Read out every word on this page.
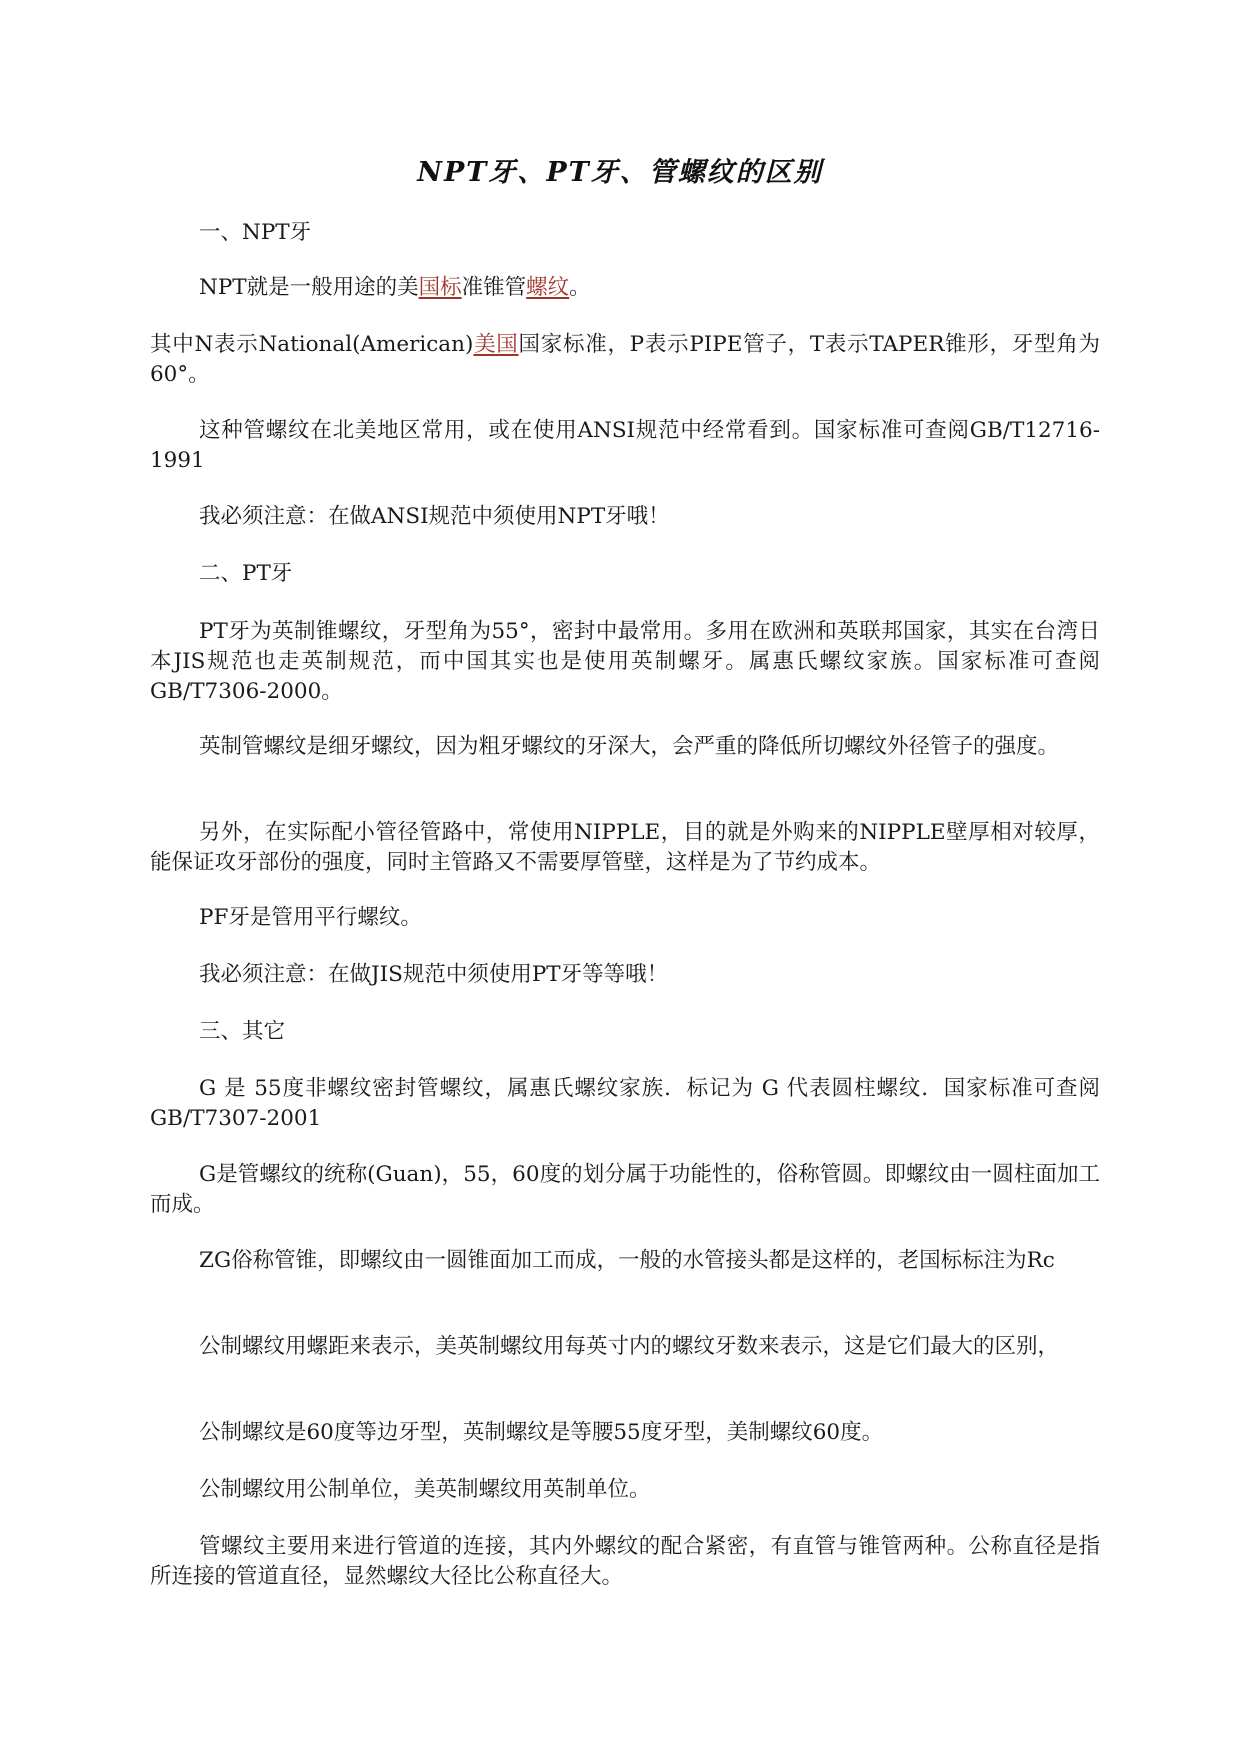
NPT牙、PT牙、管螺纹的区别
一、NPT牙
NPT就是一般用途的美国标准锥管螺纹。
其中N表示National(American)美国国家标准，P表示PIPE管子，T表示TAPER锥形，牙型角为60°。
这种管螺纹在北美地区常用，或在使用ANSI规范中经常看到。国家标准可查阅GB/T12716-1991
我必须注意：在做ANSI规范中须使用NPT牙哦！
二、PT牙
PT牙为英制锥螺纹，牙型角为55°，密封中最常用。多用在欧洲和英联邦国家，其实在台湾日本JIS规范也走英制规范，而中国其实也是使用英制螺牙。属惠氏螺纹家族。国家标准可查阅GB/T7306-2000。
英制管螺纹是细牙螺纹，因为粗牙螺纹的牙深大，会严重的降低所切螺纹外径管子的强度。
另外，在实际配小管径管路中，常使用NIPPLE，目的就是外购来的NIPPLE壁厚相对较厚，能保证攻牙部份的强度，同时主管路又不需要厚管壁，这样是为了节约成本。
PF牙是管用平行螺纹。
我必须注意：在做JIS规范中须使用PT牙等等哦！
三、其它
G 是 55度非螺纹密封管螺纹，属惠氏螺纹家族．标记为 G 代表圆柱螺纹．国家标准可查阅 GB/T7307-2001
G是管螺纹的统称(Guan)，55，60度的划分属于功能性的，俗称管圆。即螺纹由一圆柱面加工而成。
ZG俗称管锥，即螺纹由一圆锥面加工而成，一般的水管接头都是这样的，老国标标注为Rc
公制螺纹用螺距来表示，美英制螺纹用每英寸内的螺纹牙数来表示，这是它们最大的区别，
公制螺纹是60度等边牙型，英制螺纹是等腰55度牙型，美制螺纹60度。
公制螺纹用公制单位，美英制螺纹用英制单位。
管螺纹主要用来进行管道的连接，其内外螺纹的配合紧密，有直管与锥管两种。公称直径是指所连接的管道直径，显然螺纹大径比公称直径大。
